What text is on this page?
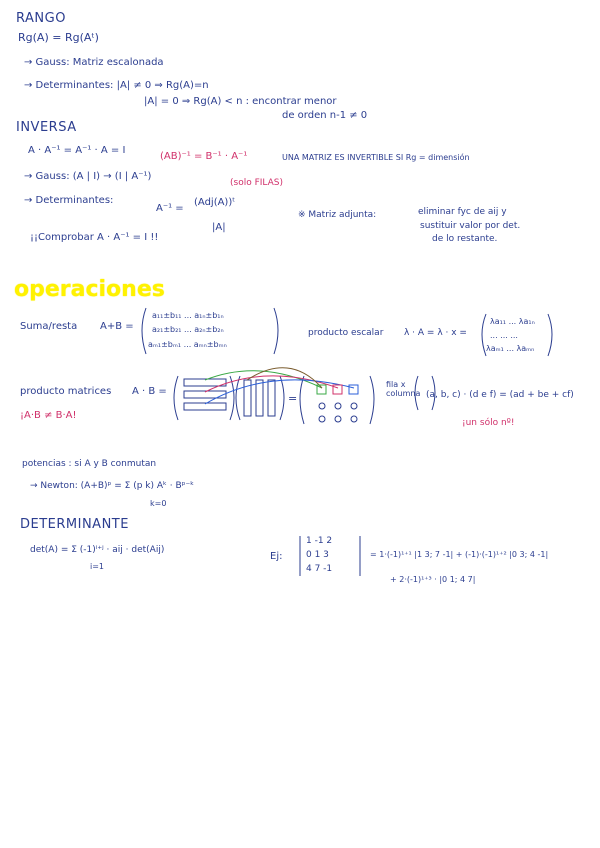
RANGO
Rg(A) = Rg(Aᵗ)
→ Gauss: Matriz escalonada
→ Determinantes: |A| ≠ 0 ⇒ Rg(A)=n
|A| = 0 ⇒ Rg(A) < n : encontrar menor
de orden n-1 ≠ 0
INVERSA
A · A⁻¹ = A⁻¹ · A = I
(AB)⁻¹ = B⁻¹ · A⁻¹	UNA MATRIZ ES INVERTIBLE SI Rg = dimensión
→ Gauss: (A | I) → (I | A⁻¹)
(solo FILAS)
→ Determinantes:
A⁻¹ =
(Adj(A))ᵗ
|A|
※ Matriz adjunta:	eliminar fyc de aij y
sustituir valor por det.
de lo restante.
¡¡Comprobar A · A⁻¹ = I !!
operaciones
Suma/resta A+B =
a₁₁±b₁₁ ... a₁ₙ±b₁ₙ
a₂₁±b₂₁ ... a₂ₙ±b₂ₙ
aₘ₁±bₘ₁ ... aₘₙ±bₘₙ
producto escalar λ · A = λ · x =
λa₁₁ ... λa₁ₙ
... ... ...
λaₘ₁ ... λaₘₙ
producto matrices A · B =
¡A·B ≠ B·A!
fila x columna (a, b, c) · (d e f) = (ad + be + cf)
¡un sólo nº!
potencias : si A y B conmutan
→ Newton: (A+B)ᵖ = Σ (p k) Aᵏ · Bᵖ⁻ᵏ
k=0
DETERMINANTE
det(A) = Σ (-1)ⁱ⁺ʲ · aij · det(Aij)
i=1
Ej:
1 -1 2
0 1 3
4 7 -1
= 1·(-1)¹⁺¹ |1 3; 7 -1| + (-1)·(-1)¹⁺² |0 3; 4 -1|
+ 2·(-1)¹⁺³ · |0 1; 4 7|
=
